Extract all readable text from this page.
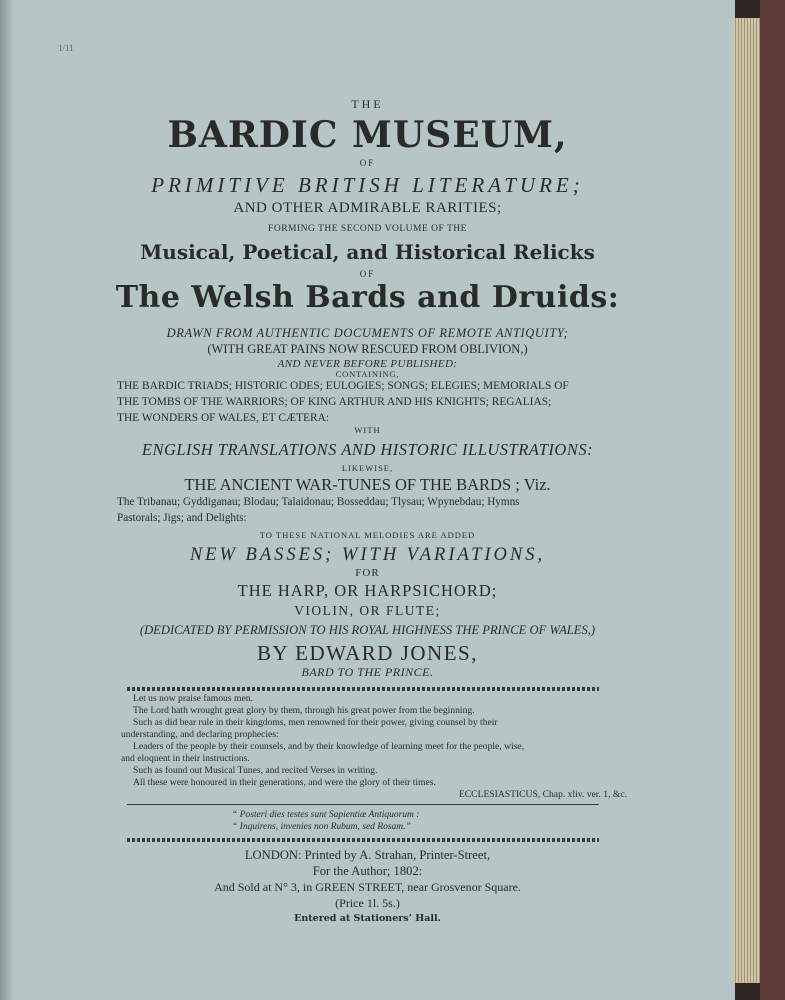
1/11
THE
BARDIC MUSEUM,
OF
PRIMITIVE BRITISH LITERATURE;
AND OTHER ADMIRABLE RARITIES;
FORMING THE SECOND VOLUME OF THE
Musical, Poetical, and Historical Relicks
OF
The Welsh Bards and Druids:
DRAWN FROM AUTHENTIC DOCUMENTS OF REMOTE ANTIQUITY;
(WITH GREAT PAINS NOW RESCUED FROM OBLIVION,)
AND NEVER BEFORE PUBLISHED:
CONTAINING,
THE BARDIC TRIADS; HISTORIC ODES; EULOGIES; SONGS; ELEGIES; MEMORIALS OF
THE TOMBS OF THE WARRIORS; OF KING ARTHUR AND HIS KNIGHTS; REGALIAS;
THE WONDERS OF WALES, ET CÆTERA:
WITH
ENGLISH TRANSLATIONS AND HISTORIC ILLUSTRATIONS:
LIKEWISE,
THE ANCIENT WAR-TUNES OF THE BARDS ; Viz.
The Tribanau; Gyddiganau; Blodau; Talaidonau; Bosseddau; Tlysau; Wpynebdau; Hymns
Pastorals; Jigs; and Delights:
TO THESE NATIONAL MELODIES ARE ADDED
NEW BASSES; WITH VARIATIONS,
FOR
THE HARP, OR HARPSICHORD;
VIOLIN, OR FLUTE;
(DEDICATED BY PERMISSION TO HIS ROYAL HIGHNESS THE PRINCE OF WALES,)
BY EDWARD JONES,
BARD TO THE PRINCE.
Let us now praise famous men.
The Lord hath wrought great glory by them, through his great power from the beginning.
Such as did bear rule in their kingdoms, men renowned for their power, giving counsel by their
understanding, and declaring prophecies:
Leaders of the people by their counsels, and by their knowledge of learning meet for the people, wise,
and eloquent in their instructions.
Such as found out Musical Tunes, and recited Verses in writing.
All these were honoured in their generations, and were the glory of their times.
ECCLESIASTICUS, Chap. xliv. ver. 1, &c.
“ Posteri dies testes sunt Sapientiæ Antiquorum :
“ Inquirens, invenies non Rubum, sed Rosam.”
LONDON: Printed by A. Strahan, Printer-Street,
For the Author; 1802:
And Sold at N° 3, in GREEN STREET, near Grosvenor Square.
(Price 1l. 5s.)
Entered at Stationers’ Hall.
